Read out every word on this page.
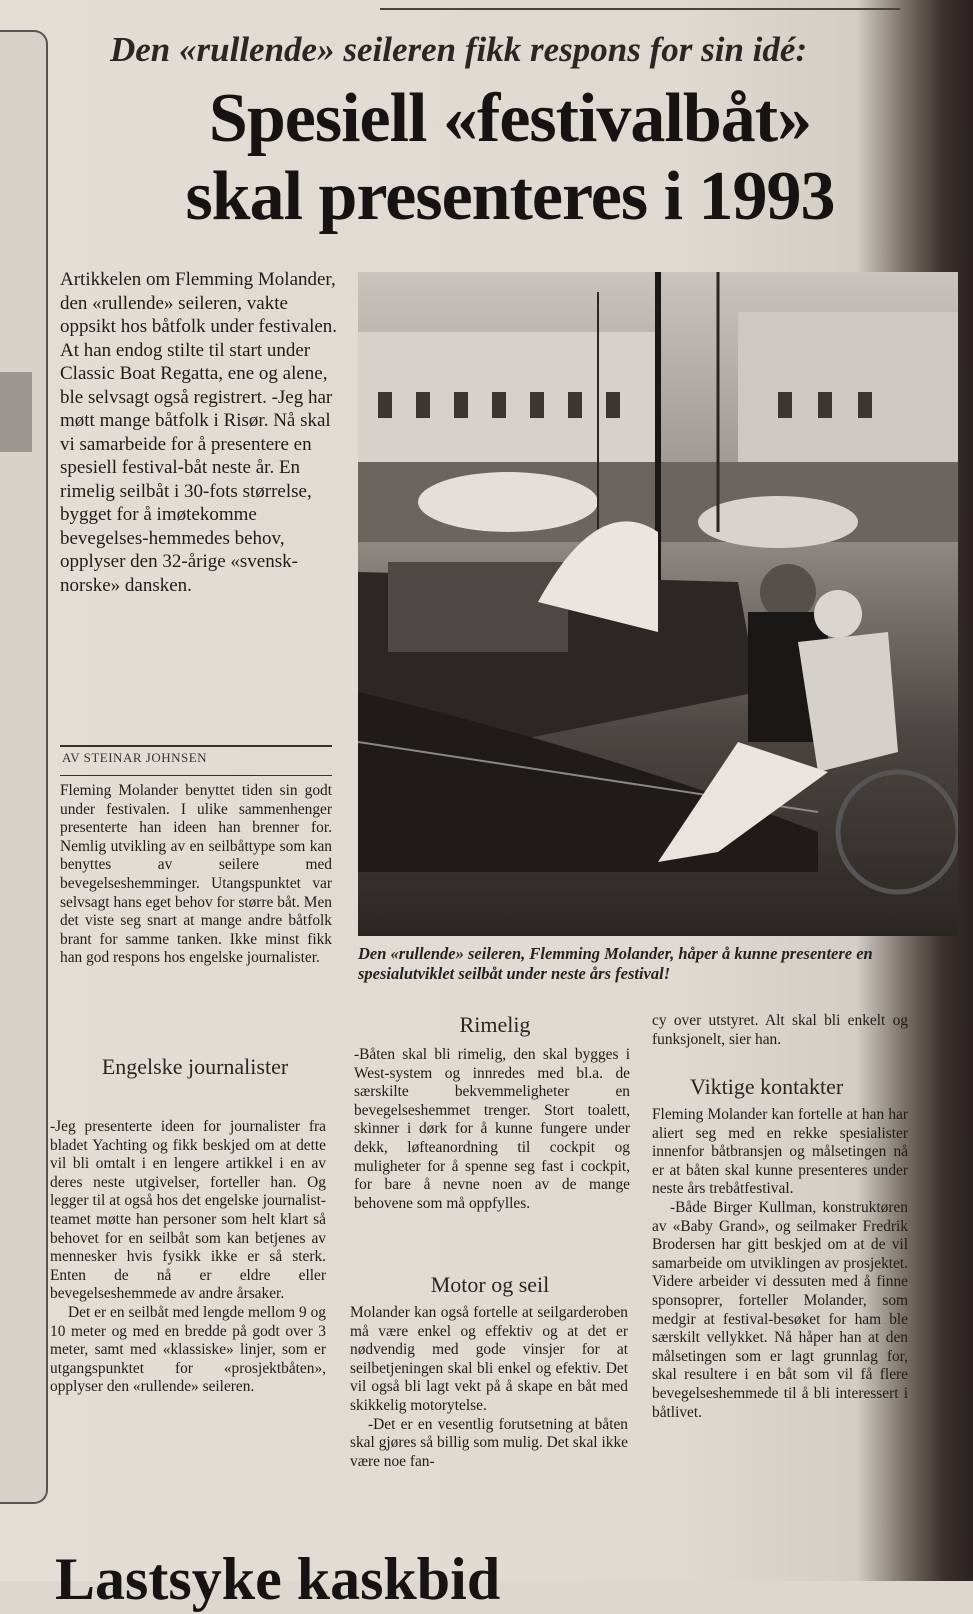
Den «rullende» seileren fikk respons for sin idé:
Spesiell «festivalbåt»
skal presenteres i 1993

Artikkelen om Flemming Molander, den «rullende» seileren, vakte oppsikt hos båtfolk under festivalen. At han endog stilte til start under Classic Boat Regatta, ene og alene, ble selvsagt også registrert. -Jeg har møtt mange båtfolk i Risør. Nå skal vi samarbeide for å presentere en spesiell festival-båt neste år. En rimelig seilbåt i 30-fots størrelse, bygget for å imøtekomme bevegelses-hemmedes behov, opplyser den 32-årige «svensk-norske» dansken.

AV STEINAR JOHNSEN

Fleming Molander benyttet tiden sin godt under festivalen. I ulike sammenhenger presenterte han ideen han brenner for. Nemlig utvikling av en seilbåttype som kan benyttes av seilere med bevegelseshemminger. Utangspunktet var selvsagt hans eget behov for større båt. Men det viste seg snart at mange andre båtfolk brant for samme tanken. Ikke minst fikk han god respons hos engelske journalister.

Engelske journalister

-Jeg presenterte ideen for journalister fra bladet Yachting og fikk beskjed om at dette vil bli omtalt i en lengere artikkel i en av deres neste utgivelser, forteller han. Og legger til at også hos det engelske journalist-teamet møtte han personer som helt klart så behovet for en seilbåt som kan betjenes av mennesker hvis fysikk ikke er så sterk. Enten de nå er eldre eller bevegelseshemmede av andre årsaker.

Det er en seilbåt med lengde mellom 9 og 10 meter og med en bredde på godt over 3 meter, samt med «klassiske» linjer, som er utgangspunktet for «prosjektbåten», opplyser den «rullende» seileren.

Den «rullende» seileren, Flemming Molander, håper å kunne presentere en spesialutviklet seilbåt under neste års festival!
Rimelig

-Båten skal bli rimelig, den skal bygges i West-system og innredes med bl.a. de særskilte bekvemmeligheter en bevegelseshemmet trenger. Stort toalett, skinner i dørk for å kunne fungere under dekk, løfteanordning til cockpit og muligheter for å spenne seg fast i cockpit, for bare å nevne noen av de mange behovene som må oppfylles.

Motor og seil

Molander kan også fortelle at seilgarderoben må være enkel og effektiv og at det er nødvendig med gode vinsjer for at seilbetjeningen skal bli enkel og efektiv. Det vil også bli lagt vekt på å skape en båt med skikkelig motorytelse.

-Det er en vesentlig forutsetning at båten skal gjøres så billig som mulig. Det skal ikke være noe fan-

cy over utstyret. Alt skal bli enkelt og funksjonelt, sier han.

Viktige kontakter

Fleming Molander kan fortelle at han har aliert seg med en rekke spesialister innenfor båtbransjen og målsetingen nå er at båten skal kunne presenteres under neste års trebåtfestival.

-Både Birger Kullman, konstruktøren av «Baby Grand», og seilmaker Fredrik Brodersen har gitt beskjed om at de vil samarbeide om utviklingen av prosjektet. Videre arbeider vi dessuten med å finne sponsoprer, forteller Molander, som medgir at festival-besøket for ham ble særskilt vellykket. Nå håper han at den målsetingen som er lagt grunnlag for, skal resultere i en båt som vil få flere bevegelseshemmede til å bli interessert i båtlivet.

Lastsyke kaskbid
